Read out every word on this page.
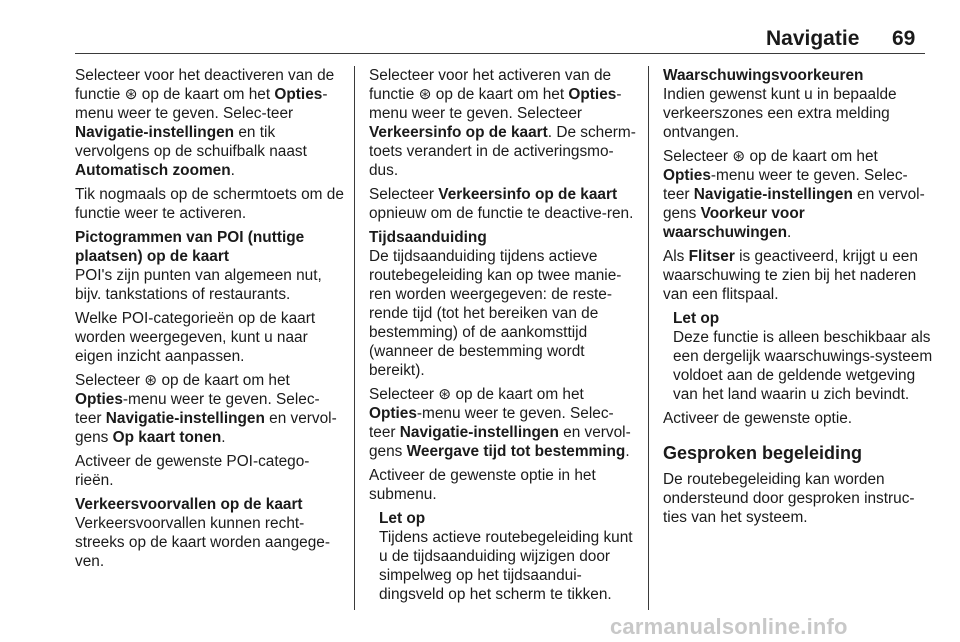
Navigatie 69

Selecteer voor het deactiveren van de functie ⊛ op de kaart om het Opties-menu weer te geven. Selec-teer Navigatie-instellingen en tik vervolgens op de schuifbalk naast Automatisch zoomen.

Tik nogmaals op de schermtoets om de functie weer te activeren.

Pictogrammen van POI (nuttige plaatsen) op de kaart

POI's zijn punten van algemeen nut, bijv. tankstations of restaurants.

Welke POI-categorieën op de kaart worden weergegeven, kunt u naar eigen inzicht aanpassen.

Selecteer ⊛ op de kaart om het Opties-menu weer te geven. Selec-teer Navigatie-instellingen en vervol-gens Op kaart tonen.

Activeer de gewenste POI-catego-rieën.

Verkeersvoorvallen op de kaart

Verkeersvoorvallen kunnen recht-streeks op de kaart worden aangege-ven.

Selecteer voor het activeren van de functie ⊛ op de kaart om het Opties-menu weer te geven. Selecteer Verkeersinfo op de kaart. De scherm-toets verandert in de activeringsmo-dus.

Selecteer Verkeersinfo op de kaart opnieuw om de functie te deactive-ren.

Tijdsaanduiding

De tijdsaanduiding tijdens actieve routebegeleiding kan op twee manie-ren worden weergegeven: de reste-rende tijd (tot het bereiken van de bestemming) of de aankomsttijd (wanneer de bestemming wordt bereikt).

Selecteer ⊛ op de kaart om het Opties-menu weer te geven. Selec-teer Navigatie-instellingen en vervol-gens Weergave tijd tot bestemming.

Activeer de gewenste optie in het submenu.

Let op
Tijdens actieve routebegeleiding kunt u de tijdsaanduiding wijzigen door simpelweg op het tijdsaandui-dingsveld op het scherm te tikken.

Waarschuwingsvoorkeuren

Indien gewenst kunt u in bepaalde verkeerszones een extra melding ontvangen.

Selecteer ⊛ op de kaart om het Opties-menu weer te geven. Selec-teer Navigatie-instellingen en vervol-gens Voorkeur voor waarschuwingen.

Als Flitser is geactiveerd, krijgt u een waarschuwing te zien bij het naderen van een flitspaal.

Let op
Deze functie is alleen beschikbaar als een dergelijk waarschuwings-systeem voldoet aan de geldende wetgeving van het land waarin u zich bevindt.

Activeer de gewenste optie.

Gesproken begeleiding

De routebegeleiding kan worden ondersteund door gesproken instruc-ties van het systeem.

carmanualsonline.info
